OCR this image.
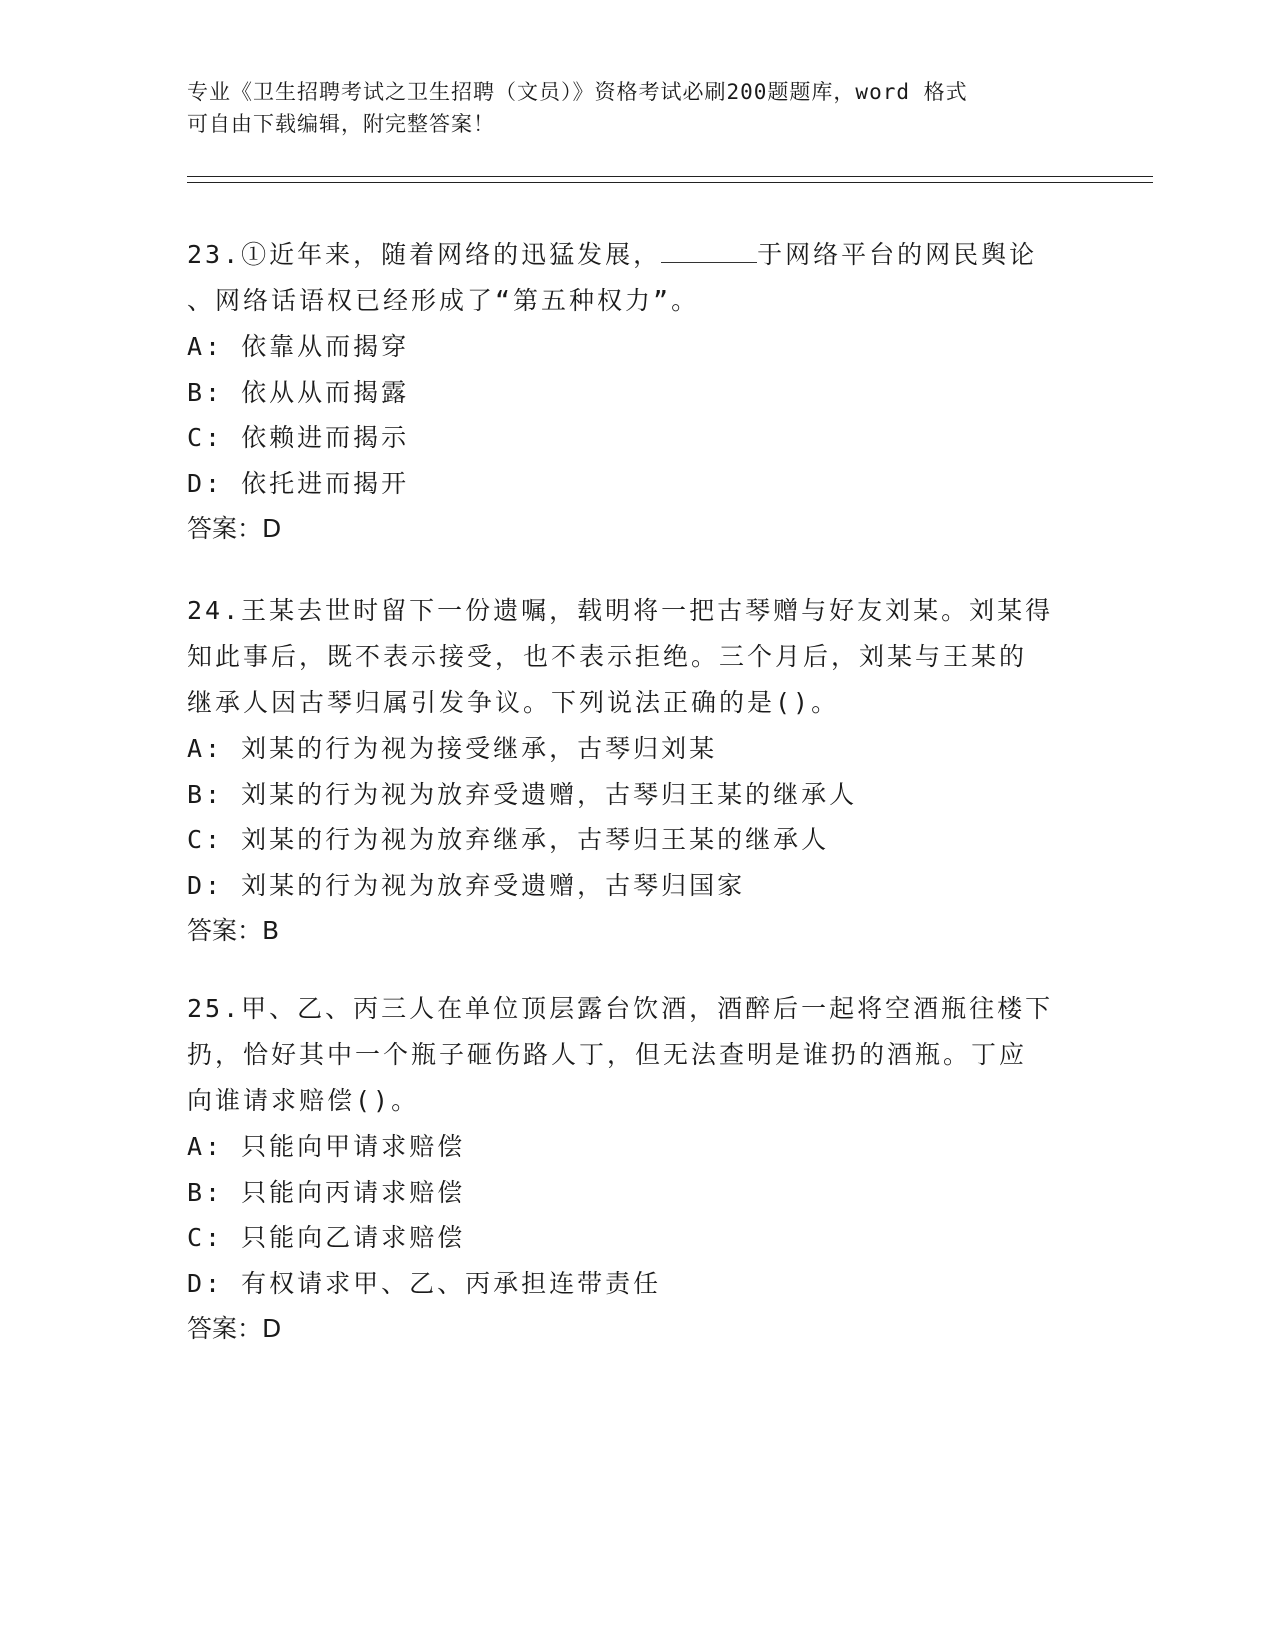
专业《卫生招聘考试之卫生招聘（文员）》资格考试必刷200题题库，word 格式
可自由下载编辑，附完整答案！

23.①近年来，随着网络的迅猛发展，	于网络平台的网民舆论

、网络话语权已经形成了“第五种权力”。

A: 依靠从而揭穿

B: 依从从而揭露

C: 依赖进而揭示

D: 依托进而揭开

答案：D

24.王某去世时留下一份遗嘱，载明将一把古琴赠与好友刘某。刘某得

知此事后，既不表示接受，也不表示拒绝。三个月后，刘某与王某的

继承人因古琴归属引发争议。下列说法正确的是()。

A: 刘某的行为视为接受继承，古琴归刘某

B: 刘某的行为视为放弃受遗赠，古琴归王某的继承人

C: 刘某的行为视为放弃继承，古琴归王某的继承人

D: 刘某的行为视为放弃受遗赠，古琴归国家

答案：B

25.甲、乙、丙三人在单位顶层露台饮酒，酒醉后一起将空酒瓶往楼下

扔，恰好其中一个瓶子砸伤路人丁，但无法查明是谁扔的酒瓶。丁应

向谁请求赔偿()。

A: 只能向甲请求赔偿

B: 只能向丙请求赔偿

C: 只能向乙请求赔偿

D: 有权请求甲、乙、丙承担连带责任

答案：D
